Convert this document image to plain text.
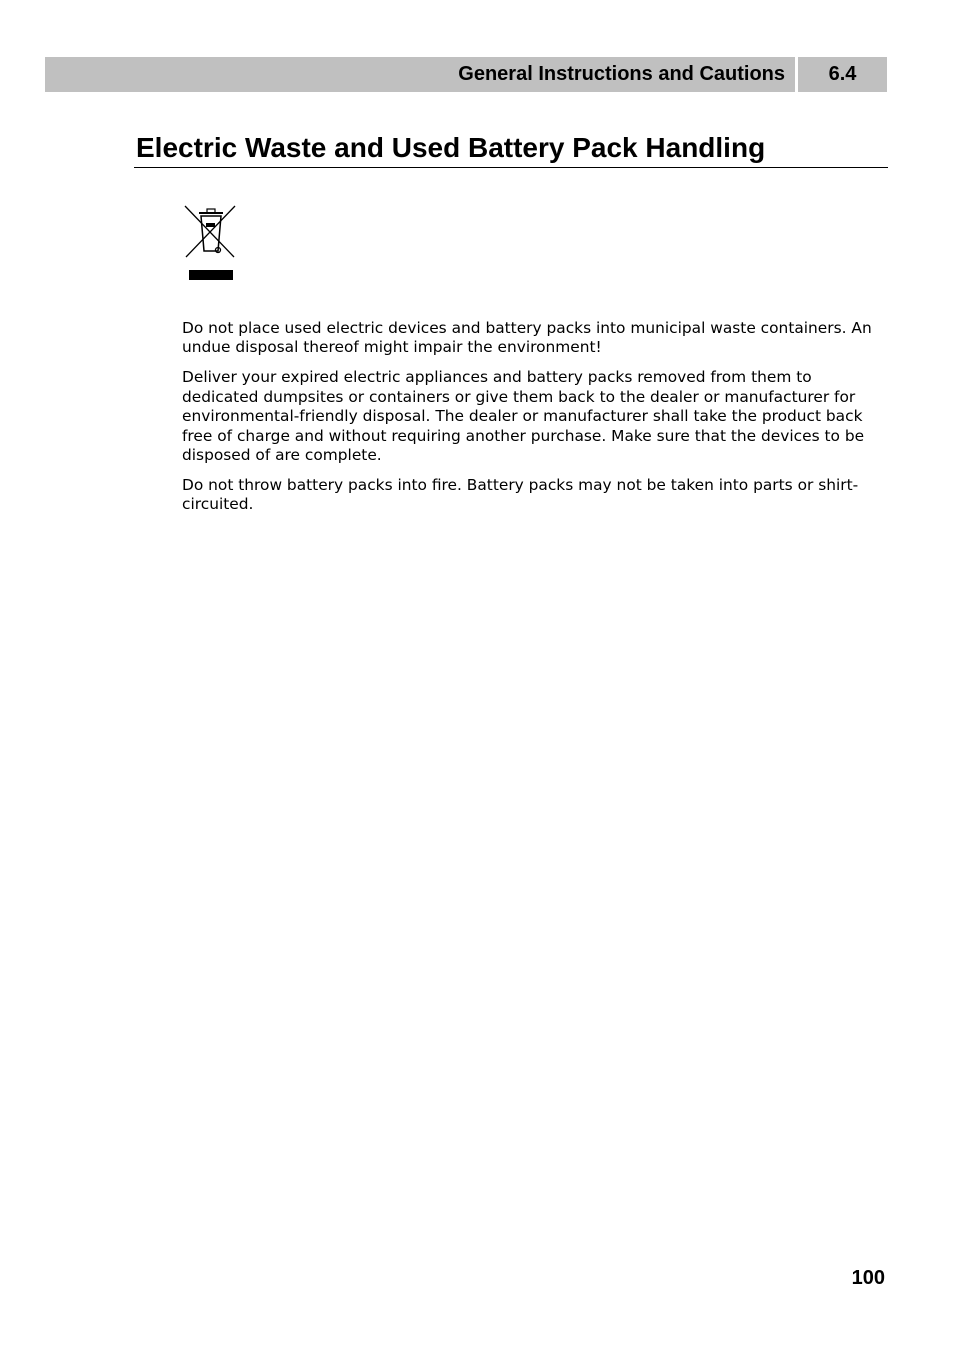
General Instructions and Cautions 6.4
Electric Waste and Used Battery Pack Handling

Do not place used electric devices and battery packs into municipal waste containers. An undue disposal thereof might impair the environment!

Deliver your expired electric appliances and battery packs removed from them to dedicated dumpsites or containers or give them back to the dealer or manufacturer for environmental-friendly disposal. The dealer or manufacturer shall take the product back free of charge and without requiring another purchase. Make sure that the devices to be disposed of are complete.

Do not throw battery packs into fire. Battery packs may not be taken into parts or shirt-circuited.

100
